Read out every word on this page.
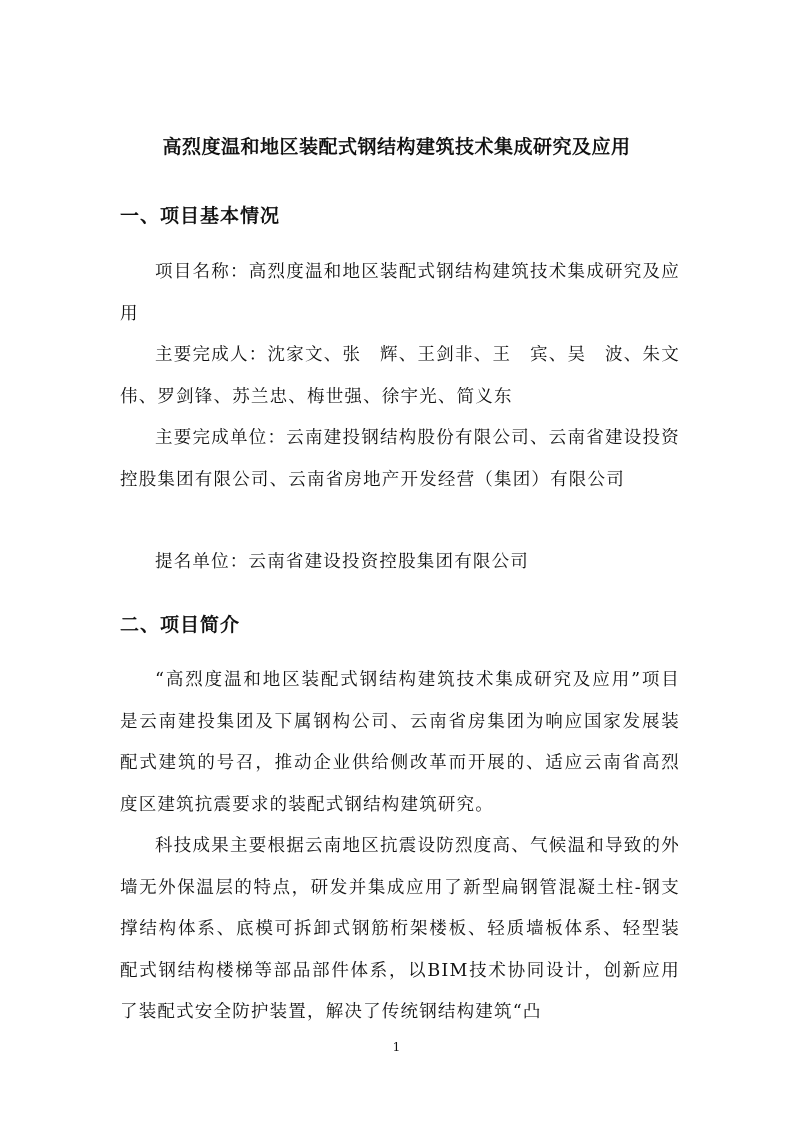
高烈度温和地区装配式钢结构建筑技术集成研究及应用
一、项目基本情况

项目名称：高烈度温和地区装配式钢结构建筑技术集成研究及应用

主要完成人：沈家文、张　辉、王剑非、王　宾、吴　波、朱文伟、罗剑锋、苏兰忠、梅世强、徐宇光、简义东

主要完成单位：云南建投钢结构股份有限公司、云南省建设投资控股集团有限公司、云南省房地产开发经营（集团）有限公司

提名单位：云南省建设投资控股集团有限公司

二、项目简介

“高烈度温和地区装配式钢结构建筑技术集成研究及应用”项目是云南建投集团及下属钢构公司、云南省房集团为响应国家发展装配式建筑的号召，推动企业供给侧改革而开展的、适应云南省高烈度区建筑抗震要求的装配式钢结构建筑研究。

科技成果主要根据云南地区抗震设防烈度高、气候温和导致的外墙无外保温层的特点，研发并集成应用了新型扁钢管混凝土柱-钢支撑结构体系、底模可拆卸式钢筋桁架楼板、轻质墙板体系、轻型装配式钢结构楼梯等部品部件体系，以BIM技术协同设计，创新应用了装配式安全防护装置，解决了传统钢结构建筑“凸

1
